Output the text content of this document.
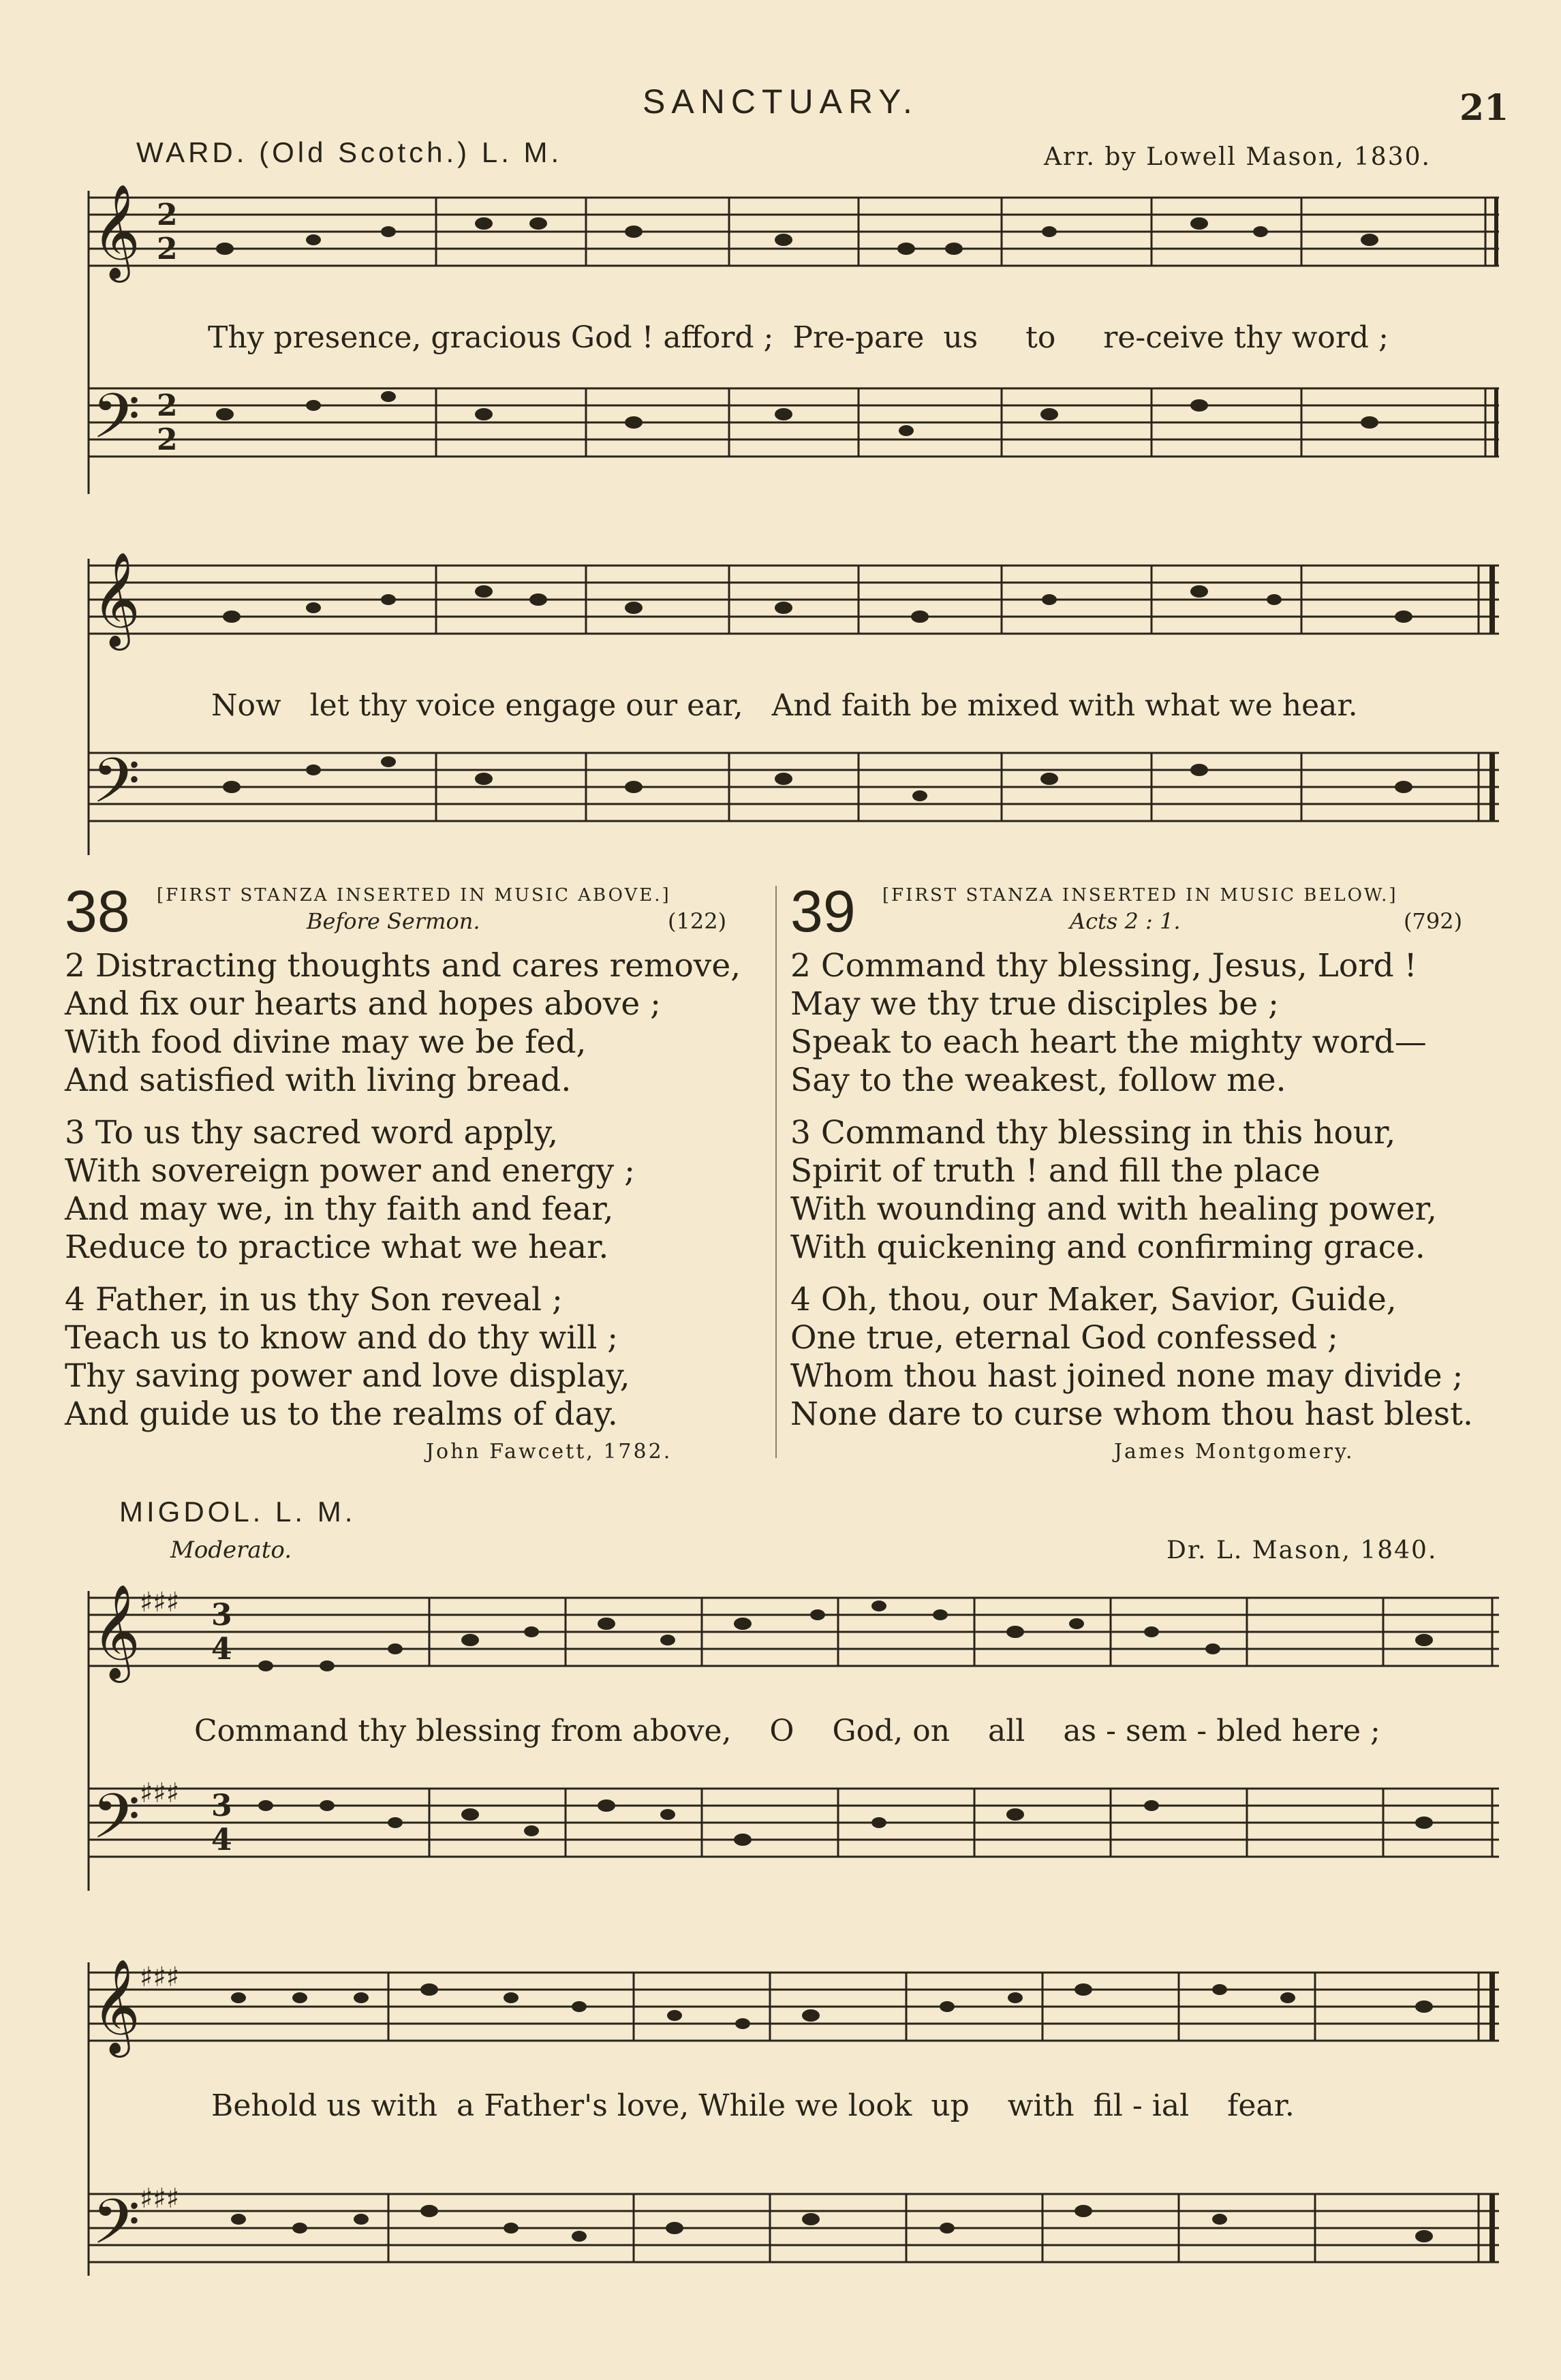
SANCTUARY.	21
WARD. (Old Scotch.) L. M.	Arr. by Lowell Mason, 1830.
𝄞
𝄢
2
2
2
2
Thy presence, gracious God ! afford ;  Pre-pare  us     to     re-ceive thy word ;
𝄞
𝄢
Now   let thy voice engage our ear,   And faith be mixed with what we hear.
38 [FIRST STANZA INSERTED IN MUSIC ABOVE.]
Before Sermon.	(122)
2 Distracting thoughts and cares remove,
And fix our hearts and hopes above ;
With food divine may we be fed,
And satisfied with living bread.
3 To us thy sacred word apply,
With sovereign power and energy ;
And may we, in thy faith and fear,
Reduce to practice what we hear.
4 Father, in us thy Son reveal ;
Teach us to know and do thy will ;
Thy saving power and love display,
And guide us to the realms of day.
John Fawcett, 1782.
39 [FIRST STANZA INSERTED IN MUSIC BELOW.]
Acts 2 : 1.	(792)
2 Command thy blessing, Jesus, Lord !
May we thy true disciples be ;
Speak to each heart the mighty word—
Say to the weakest, follow me.
3 Command thy blessing in this hour,
Spirit of truth ! and fill the place
With wounding and with healing power,
With quickening and confirming grace.
4 Oh, thou, our Maker, Savior, Guide,
One true, eternal God confessed ;
Whom thou hast joined none may divide ;
None dare to curse whom thou hast blest.
James Montgomery.
MIGDOL. L. M.
Moderato.	Dr. L. Mason, 1840.
𝄞
𝄢
♯♯♯
♯♯♯
3
4
3
4
Command thy blessing from above,    O    God, on    all    as - sem - bled here ;
𝄞
𝄢
♯♯♯
♯♯♯
Behold us with  a Father's love, While we look  up    with  fil - ial    fear.
